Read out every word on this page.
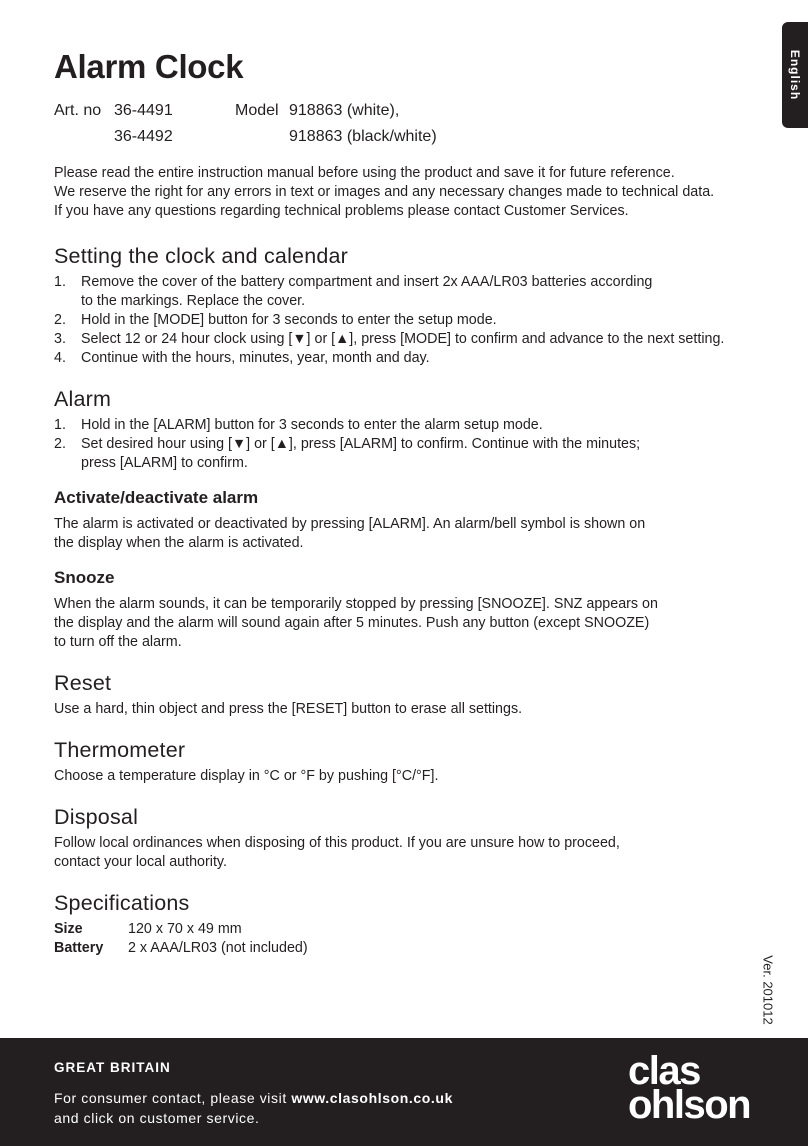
English
Alarm Clock
Art. no 36-4491	Model 918863 (white),
36-4492	918863 (black/white)

Please read the entire instruction manual before using the product and save it for future reference.

We reserve the right for any errors in text or images and any necessary changes made to technical data.

If you have any questions regarding technical problems please contact Customer Services.

Setting the clock and calendar
1. Remove the cover of the battery compartment and insert 2x AAA/LR03 batteries according
to the markings. Replace the cover.
2. Hold in the [MODE] button for 3 seconds to enter the setup mode.
3. Select 12 or 24 hour clock using [▼] or [▲], press [MODE] to confirm and advance to the next setting.
4. Continue with the hours, minutes, year, month and day.
Alarm
1. Hold in the [ALARM] button for 3 seconds to enter the alarm setup mode.
2. Set desired hour using [▼] or [▲], press [ALARM] to confirm. Continue with the minutes;
press [ALARM] to confirm.
Activate/deactivate alarm

The alarm is activated or deactivated by pressing [ALARM]. An alarm/bell symbol is shown on

the display when the alarm is activated.

Snooze

When the alarm sounds, it can be temporarily stopped by pressing [SNOOZE]. SNZ appears on

the display and the alarm will sound again after 5 minutes. Push any button (except SNOOZE)

to turn off the alarm.

Reset

Use a hard, thin object and press the [RESET] button to erase all settings.

Thermometer

Choose a temperature display in °C or °F by pushing [°C/°F].

Disposal

Follow local ordinances when disposing of this product. If you are unsure how to proceed,

contact your local authority.

Specifications
Size	120 x 70 x 49 mm
Battery 2 x AAA/LR03 (not included)
Ver. 201012
GREAT BRITAIN

For consumer contact, please visit www.clasohlson.co.uk

and click on customer service.

clas
ohlson
